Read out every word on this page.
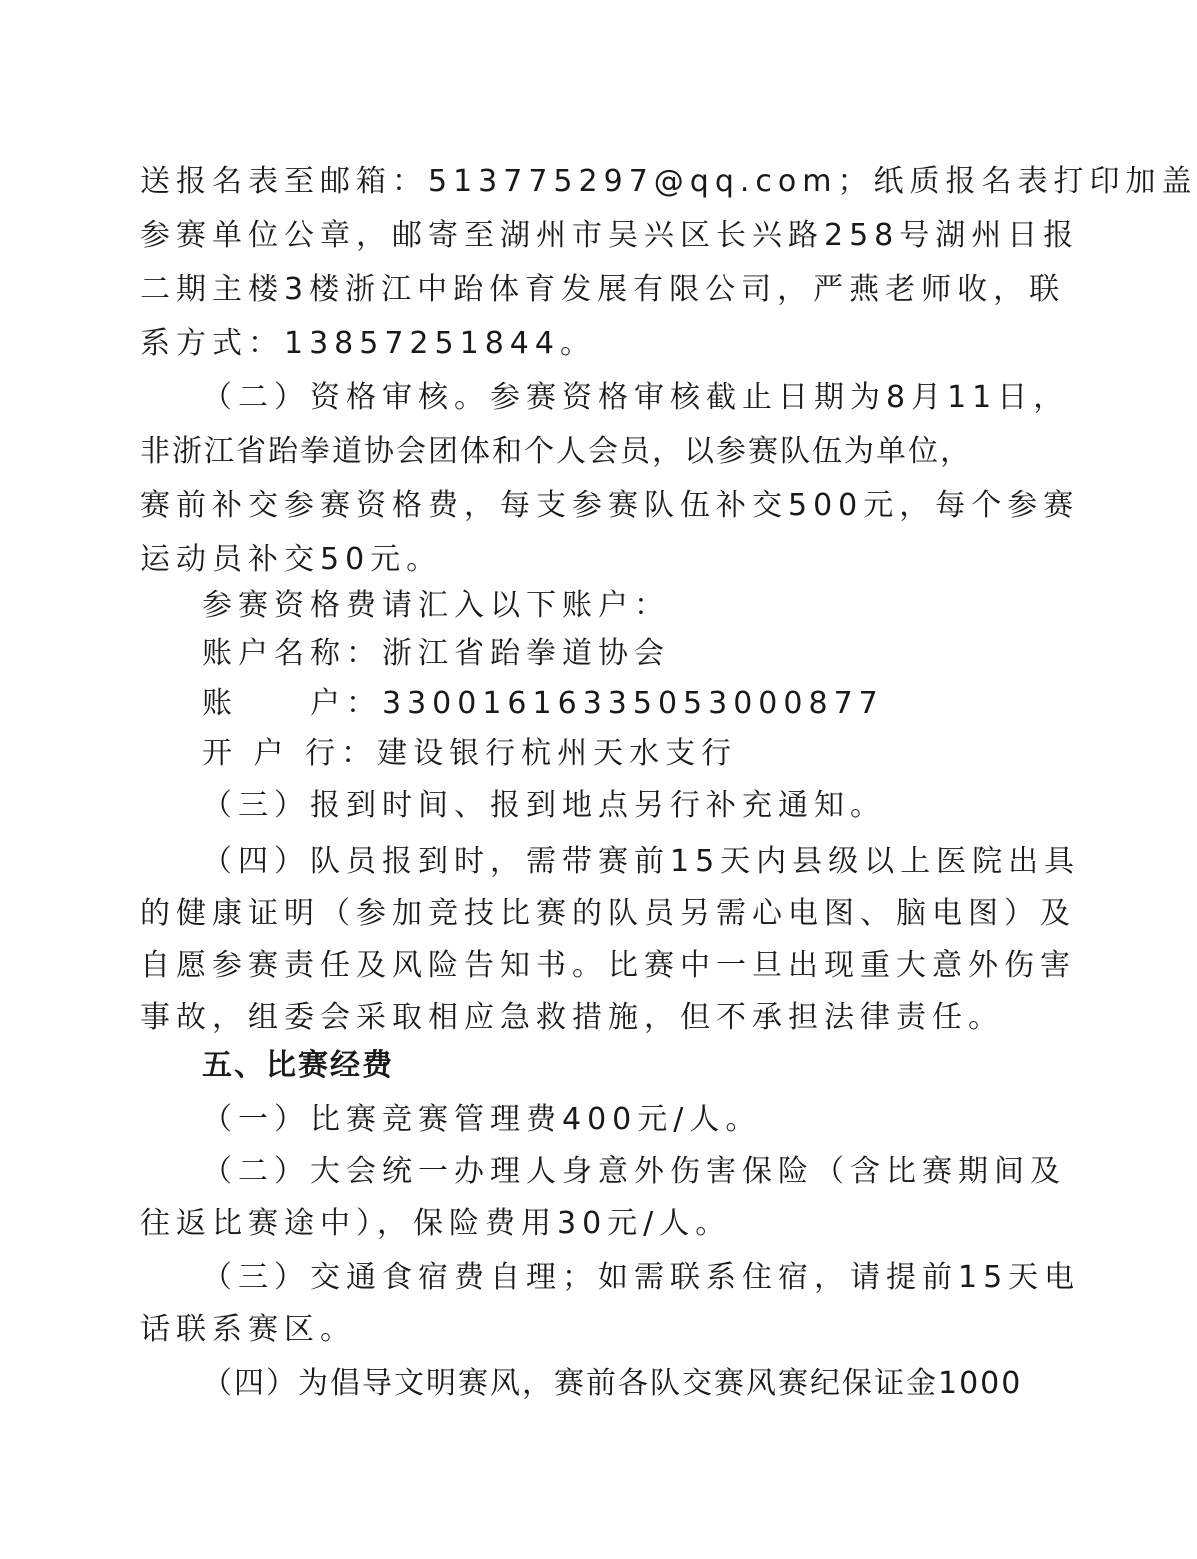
送报名表至邮箱：513775297@qq.com；纸质报名表打印加盖
参赛单位公章，邮寄至湖州市吴兴区长兴路258号湖州日报
二期主楼3楼浙江中跆体育发展有限公司，严燕老师收，联
系方式：13857251844。
（二）资格审核。参赛资格审核截止日期为8月11日，
非浙江省跆拳道协会团体和个人会员，以参赛队伍为单位，
赛前补交参赛资格费，每支参赛队伍补交500元，每个参赛
运动员补交50元。
参赛资格费请汇入以下账户：
账户名称：浙江省跆拳道协会
账　　户：33001616335053000877
开 户 行：建设银行杭州天水支行
（三）报到时间、报到地点另行补充通知。
（四）队员报到时，需带赛前15天内县级以上医院出具
的健康证明（参加竞技比赛的队员另需心电图、脑电图）及
自愿参赛责任及风险告知书。比赛中一旦出现重大意外伤害
事故，组委会采取相应急救措施，但不承担法律责任。
五、比赛经费
（一）比赛竞赛管理费400元/人。
（二）大会统一办理人身意外伤害保险（含比赛期间及
往返比赛途中），保险费用30元/人。
（三）交通食宿费自理；如需联系住宿，请提前15天电
话联系赛区。
（四）为倡导文明赛风，赛前各队交赛风赛纪保证金1000
